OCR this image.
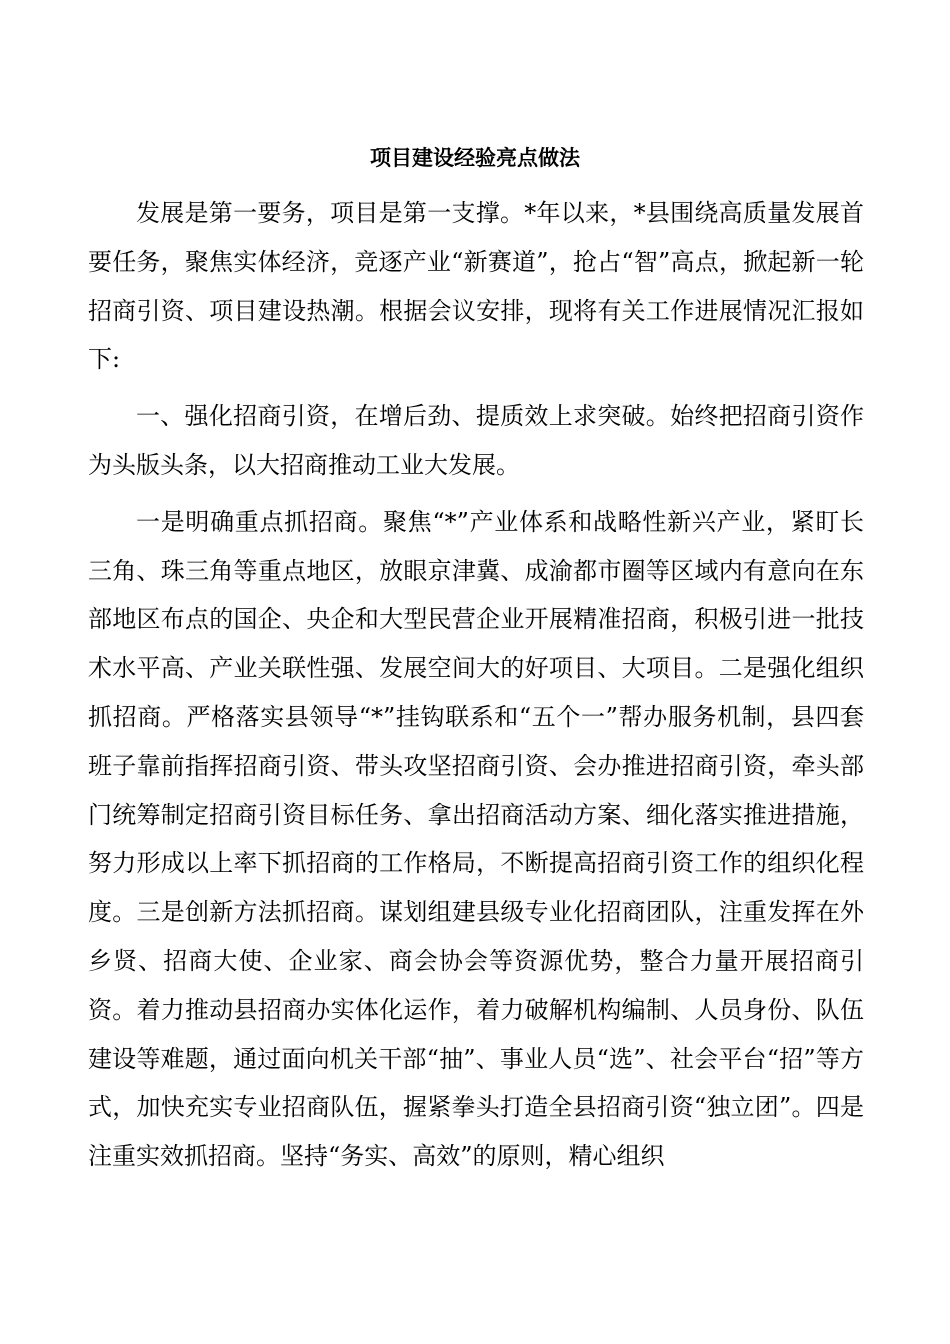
项目建设经验亮点做法

发展是第一要务，项目是第一支撑。*年以来，*县围绕高质量发展首要任务，聚焦实体经济，竞逐产业“新赛道”，抢占“智”高点，掀起新一轮招商引资、项目建设热潮。根据会议安排，现将有关工作进展情况汇报如下:

一、强化招商引资，在增后劲、提质效上求突破。始终把招商引资作为头版头条，以大招商推动工业大发展。

一是明确重点抓招商。聚焦“*”产业体系和战略性新兴产业，紧盯长三角、珠三角等重点地区，放眼京津冀、成渝都市圈等区域内有意向在东部地区布点的国企、央企和大型民营企业开展精准招商，积极引进一批技术水平高、产业关联性强、发展空间大的好项目、大项目。二是强化组织抓招商。严格落实县领导“*”挂钩联系和“五个一”帮办服务机制，县四套班子靠前指挥招商引资、带头攻坚招商引资、会办推进招商引资，牵头部门统筹制定招商引资目标任务、拿出招商活动方案、细化落实推进措施，努力形成以上率下抓招商的工作格局，不断提高招商引资工作的组织化程度。三是创新方法抓招商。谋划组建县级专业化招商团队，注重发挥在外乡贤、招商大使、企业家、商会协会等资源优势，整合力量开展招商引资。着力推动县招商办实体化运作，着力破解机构编制、人员身份、队伍建设等难题，通过面向机关干部“抽”、事业人员“选”、社会平台“招”等方式，加快充实专业招商队伍，握紧拳头打造全县招商引资“独立团”。四是注重实效抓招商。坚持“务实、高效”的原则，精心组织
